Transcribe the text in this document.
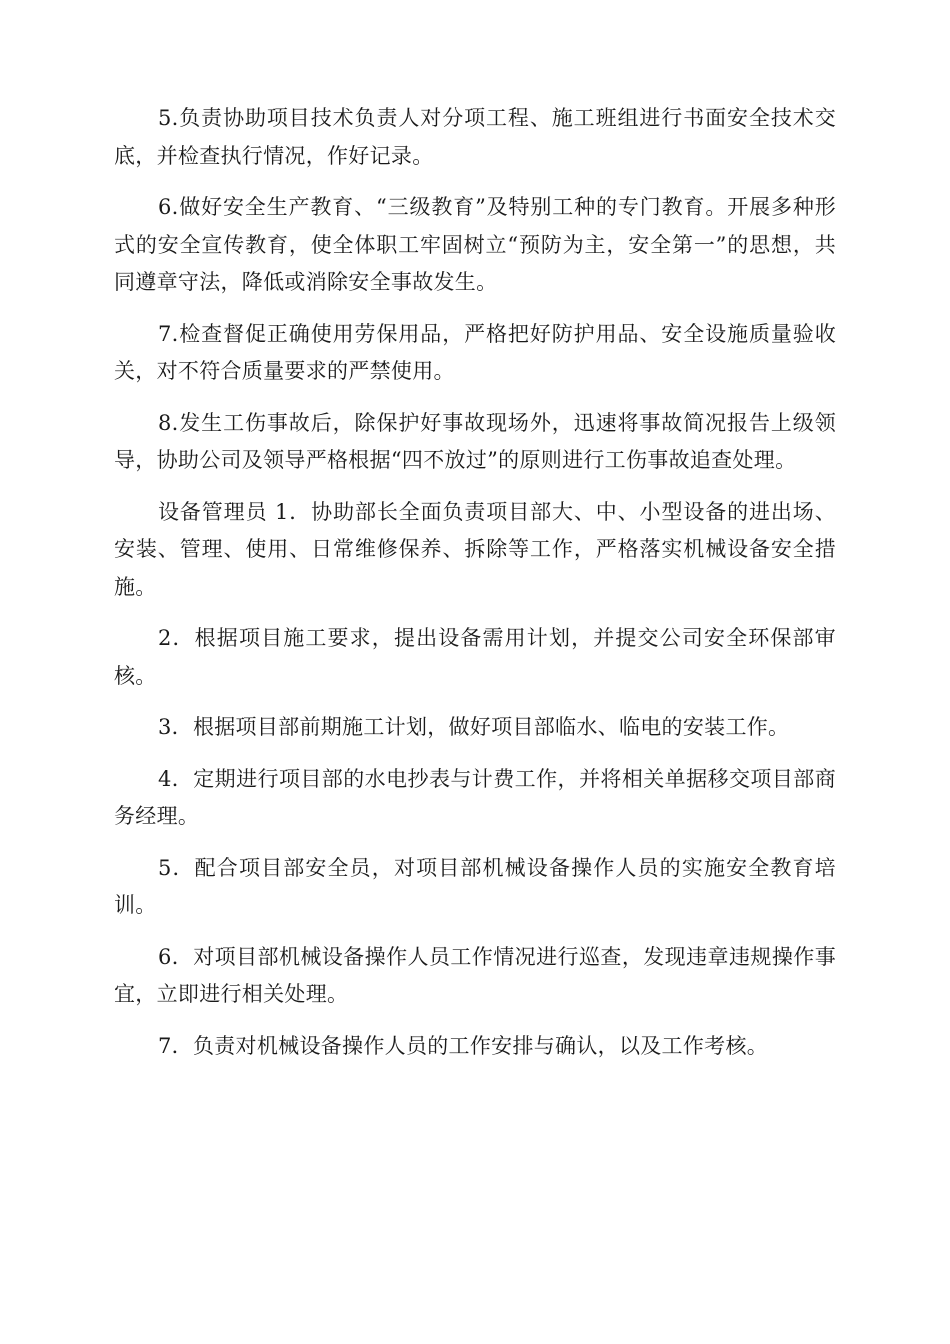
5.负责协助项目技术负责人对分项工程、施工班组进行书面安全技术交底，并检查执行情况，作好记录。

6.做好安全生产教育、“三级教育”及特别工种的专门教育。开展多种形式的安全宣传教育，使全体职工牢固树立“预防为主，安全第一”的思想，共同遵章守法，降低或消除安全事故发生。

7.检查督促正确使用劳保用品，严格把好防护用品、安全设施质量验收关，对不符合质量要求的严禁使用。

8.发生工伤事故后，除保护好事故现场外，迅速将事故简况报告上级领导，协助公司及领导严格根据“四不放过”的原则进行工伤事故追查处理。

设备管理员 1．协助部长全面负责项目部大、中、小型设备的进出场、安装、管理、使用、日常维修保养、拆除等工作，严格落实机械设备安全措施。

2．根据项目施工要求，提出设备需用计划，并提交公司安全环保部审核。

3．根据项目部前期施工计划，做好项目部临水、临电的安装工作。

4．定期进行项目部的水电抄表与计费工作，并将相关单据移交项目部商务经理。

5．配合项目部安全员，对项目部机械设备操作人员的实施安全教育培训。

6．对项目部机械设备操作人员工作情况进行巡查，发现违章违规操作事宜，立即进行相关处理。

7．负责对机械设备操作人员的工作安排与确认，以及工作考核。
